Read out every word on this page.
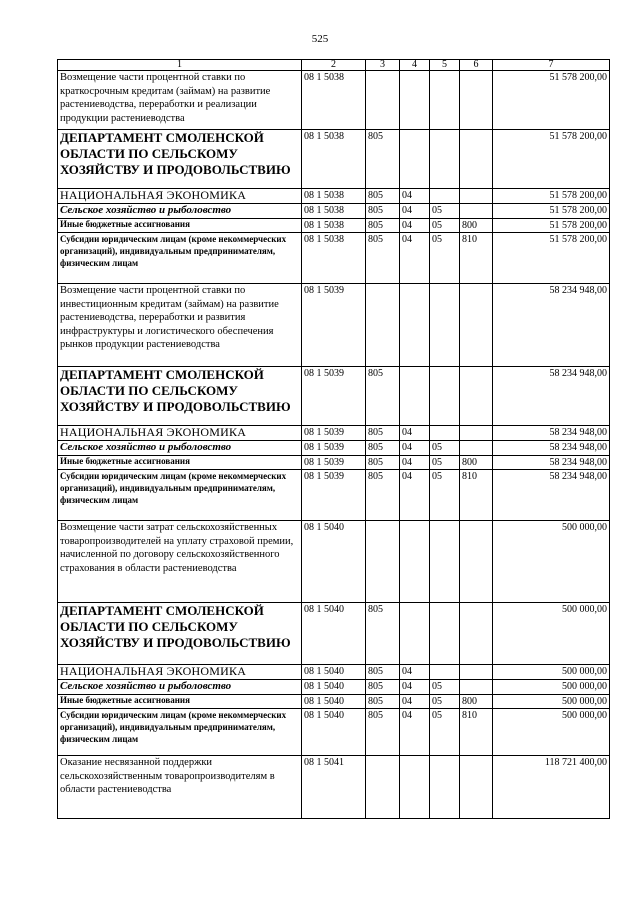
525
1	2	3	4	5	6	7
Возмещение части процентной ставки по краткосрочным кредитам (займам) на развитие растениеводства, переработки и реализации продукции растениеводства	08 1 5038					51 578 200,00
ДЕПАРТАМЕНТ СМОЛЕНСКОЙ ОБЛАСТИ ПО СЕЛЬСКОМУ ХОЗЯЙСТВУ И ПРОДОВОЛЬСТВИЮ	08 1 5038	805				51 578 200,00
НАЦИОНАЛЬНАЯ ЭКОНОМИКА	08 1 5038	805	04			51 578 200,00
Сельское хозяйство и рыболовство	08 1 5038	805	04	05		51 578 200,00
Иные бюджетные ассигнования	08 1 5038	805	04	05	800	51 578 200,00
Субсидии юридическим лицам (кроме некоммерческих организаций), индивидуальным предпринимателям, физическим лицам	08 1 5038	805	04	05	810	51 578 200,00
Возмещение части процентной ставки по инвестиционным кредитам (займам) на развитие растениеводства, переработки и развития инфраструктуры и логистического обеспечения рынков продукции растениеводства	08 1 5039					58 234 948,00
ДЕПАРТАМЕНТ СМОЛЕНСКОЙ ОБЛАСТИ ПО СЕЛЬСКОМУ ХОЗЯЙСТВУ И ПРОДОВОЛЬСТВИЮ	08 1 5039	805				58 234 948,00
НАЦИОНАЛЬНАЯ ЭКОНОМИКА	08 1 5039	805	04			58 234 948,00
Сельское хозяйство и рыболовство	08 1 5039	805	04	05		58 234 948,00
Иные бюджетные ассигнования	08 1 5039	805	04	05	800	58 234 948,00
Субсидии юридическим лицам (кроме некоммерческих организаций), индивидуальным предпринимателям, физическим лицам	08 1 5039	805	04	05	810	58 234 948,00
Возмещение части затрат сельскохозяйственных товаропроизводителей на уплату страховой премии, начисленной по договору сельскохозяйственного страхования в области растениеводства	08 1 5040					500 000,00
ДЕПАРТАМЕНТ СМОЛЕНСКОЙ ОБЛАСТИ ПО СЕЛЬСКОМУ ХОЗЯЙСТВУ И ПРОДОВОЛЬСТВИЮ	08 1 5040	805				500 000,00
НАЦИОНАЛЬНАЯ ЭКОНОМИКА	08 1 5040	805	04			500 000,00
Сельское хозяйство и рыболовство	08 1 5040	805	04	05		500 000,00
Иные бюджетные ассигнования	08 1 5040	805	04	05	800	500 000,00
Субсидии юридическим лицам (кроме некоммерческих организаций), индивидуальным предпринимателям, физическим лицам	08 1 5040	805	04	05	810	500 000,00
Оказание несвязанной поддержки сельскохозяйственным товаропроизводителям в области растениеводства	08 1 5041					118 721 400,00
